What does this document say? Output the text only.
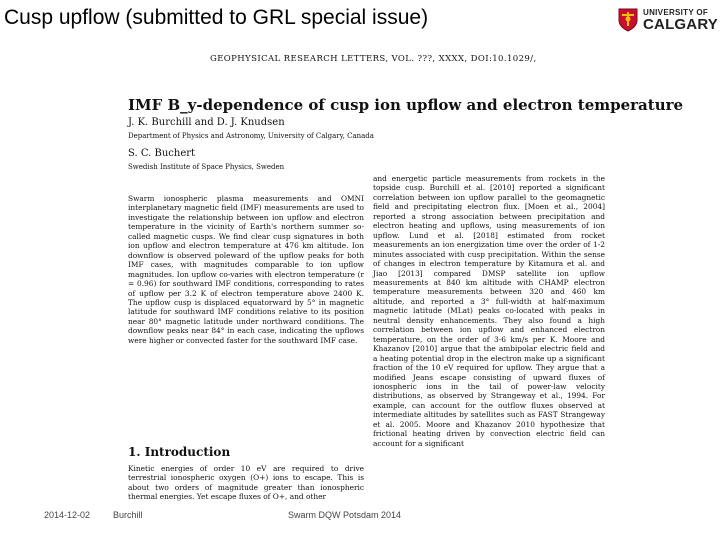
Cusp upflow (submitted to GRL special issue)	UNIVERSITY OF
CALGARY
GEOPHYSICAL RESEARCH LETTERS, VOL. ???, XXXX, DOI:10.1029/,
IMF B_y-dependence of cusp ion upflow and electron temperature
J. K. Burchill and D. J. Knudsen
Department of Physics and Astronomy, University of Calgary, Canada
S. C. Buchert
Swedish Institute of Space Physics, Sweden

Swarm ionospheric plasma measurements and OMNI interplanetary magnetic field (IMF) measurements are used to investigate the relationship between ion upflow and electron temperature in the vicinity of Earth's northern summer so-called magnetic cusps. We find clear cusp signatures in both ion upflow and electron temperature at 476 km altitude. Ion downflow is observed poleward of the upflow peaks for both IMF cases, with magnitudes comparable to ion upflow magnitudes. Ion upflow co-varies with electron temperature (r = 0.96) for southward IMF conditions, corresponding to rates of upflow per 3.2 K of electron temperature above 2400 K. The upflow cusp is displaced equatorward by 5° in magnetic latitude for southward IMF conditions relative to its position near 80° magnetic latitude under northward conditions. The downflow peaks near 84° in each case, indicating the upflows were higher or convected faster for the southward IMF case.

and energetic particle measurements from rockets in the topside cusp. Burchill et al. [2010] reported a significant correlation between ion upflow parallel to the geomagnetic field and precipitating electron flux. [Moen et al., 2004] reported a strong association between precipitation and electron heating and upflows, using measurements of ion upflow. Lund et al. [2018] estimated from rocket measurements an ion energization time over the order of 1-2 minutes associated with cusp precipitation. Within the sense of changes in electron temperature by Kitamura et al. and Jiao [2013] compared DMSP satellite ion upflow measurements at 840 km altitude with CHAMP electron temperature measurements between 320 and 460 km altitude, and reported a 3° full-width at half-maximum magnetic latitude (MLat) peaks co-located with peaks in neutral density enhancements. They also found a high correlation between ion upflow and enhanced electron temperature, on the order of 3-6 km/s per K. Moore and Khazanov [2010] argue that the ambipolar electric field and a heating potential drop in the electron make up a significant fraction of the 10 eV required for upflow. They argue that a modified Jeans escape consisting of upward fluxes of ionospheric ions in the tail of power-law velocity distributions, as observed by Strangeway et al., 1994. For example, can account for the outflow fluxes observed at intermediate altitudes by satellites such as FAST Strangeway et al. 2005. Moore and Khazanov 2010 hypothesize that frictional heating driven by convection electric field can account for a significant

1. Introduction

Kinetic energies of order 10 eV are required to drive terrestrial ionospheric oxygen (O+) ions to escape. This is about two orders of magnitude greater than ionospheric thermal energies. Yet escape fluxes of O+, and other

2014-12-02	Burchill	Swarm DQW Potsdam 2014
